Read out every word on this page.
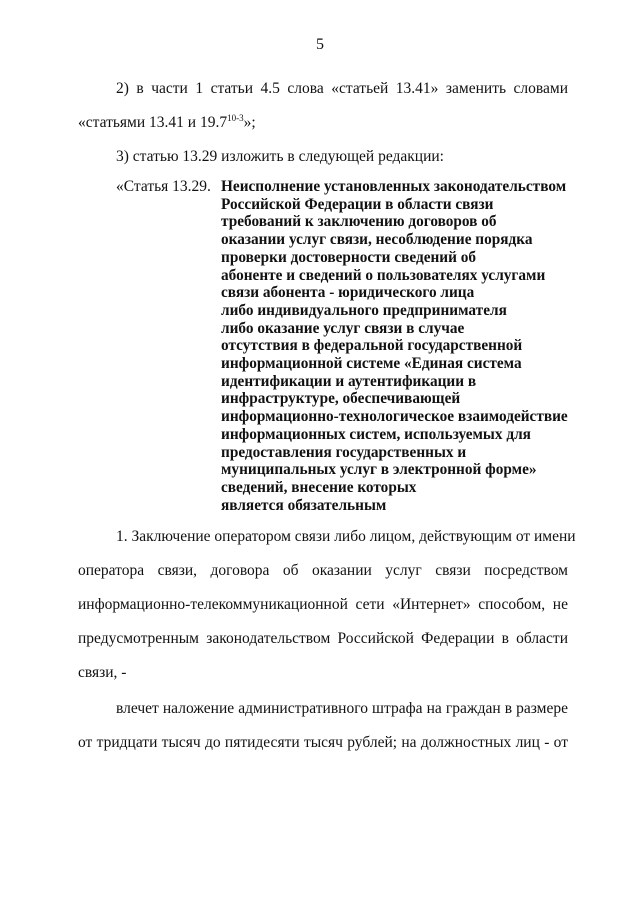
5
2) в части 1 статьи 4.5 слова «статьей 13.41» заменить словами
«статьями 13.41 и 19.7$^{10-3}$»;
3) статью 13.29 изложить в следующей редакции:
«Статья 13.29. Неисполнение установленных законодательством
Российской Федерации в области связи
требований к заключению договоров об
оказании услуг связи, несоблюдение порядка
проверки достоверности сведений об
абоненте и сведений о пользователях услугами
связи абонента - юридического лица
либо индивидуального предпринимателя
либо оказание услуг связи в случае
отсутствия в федеральной государственной
информационной системе «Единая система
идентификации и аутентификации в
инфраструктуре, обеспечивающей
информационно-технологическое взаимодействие
информационных систем, используемых для
предоставления государственных и
муниципальных услуг в электронной форме»
сведений, внесение которых
является обязательным
1. Заключение оператором связи либо лицом, действующим от имени
оператора связи, договора об оказании услуг связи посредством
информационно-телекоммуникационной сети «Интернет» способом, не
предусмотренным законодательством Российской Федерации в области
связи, -
влечет наложение административного штрафа на граждан в размере
от тридцати тысяч до пятидесяти тысяч рублей; на должностных лиц - от
